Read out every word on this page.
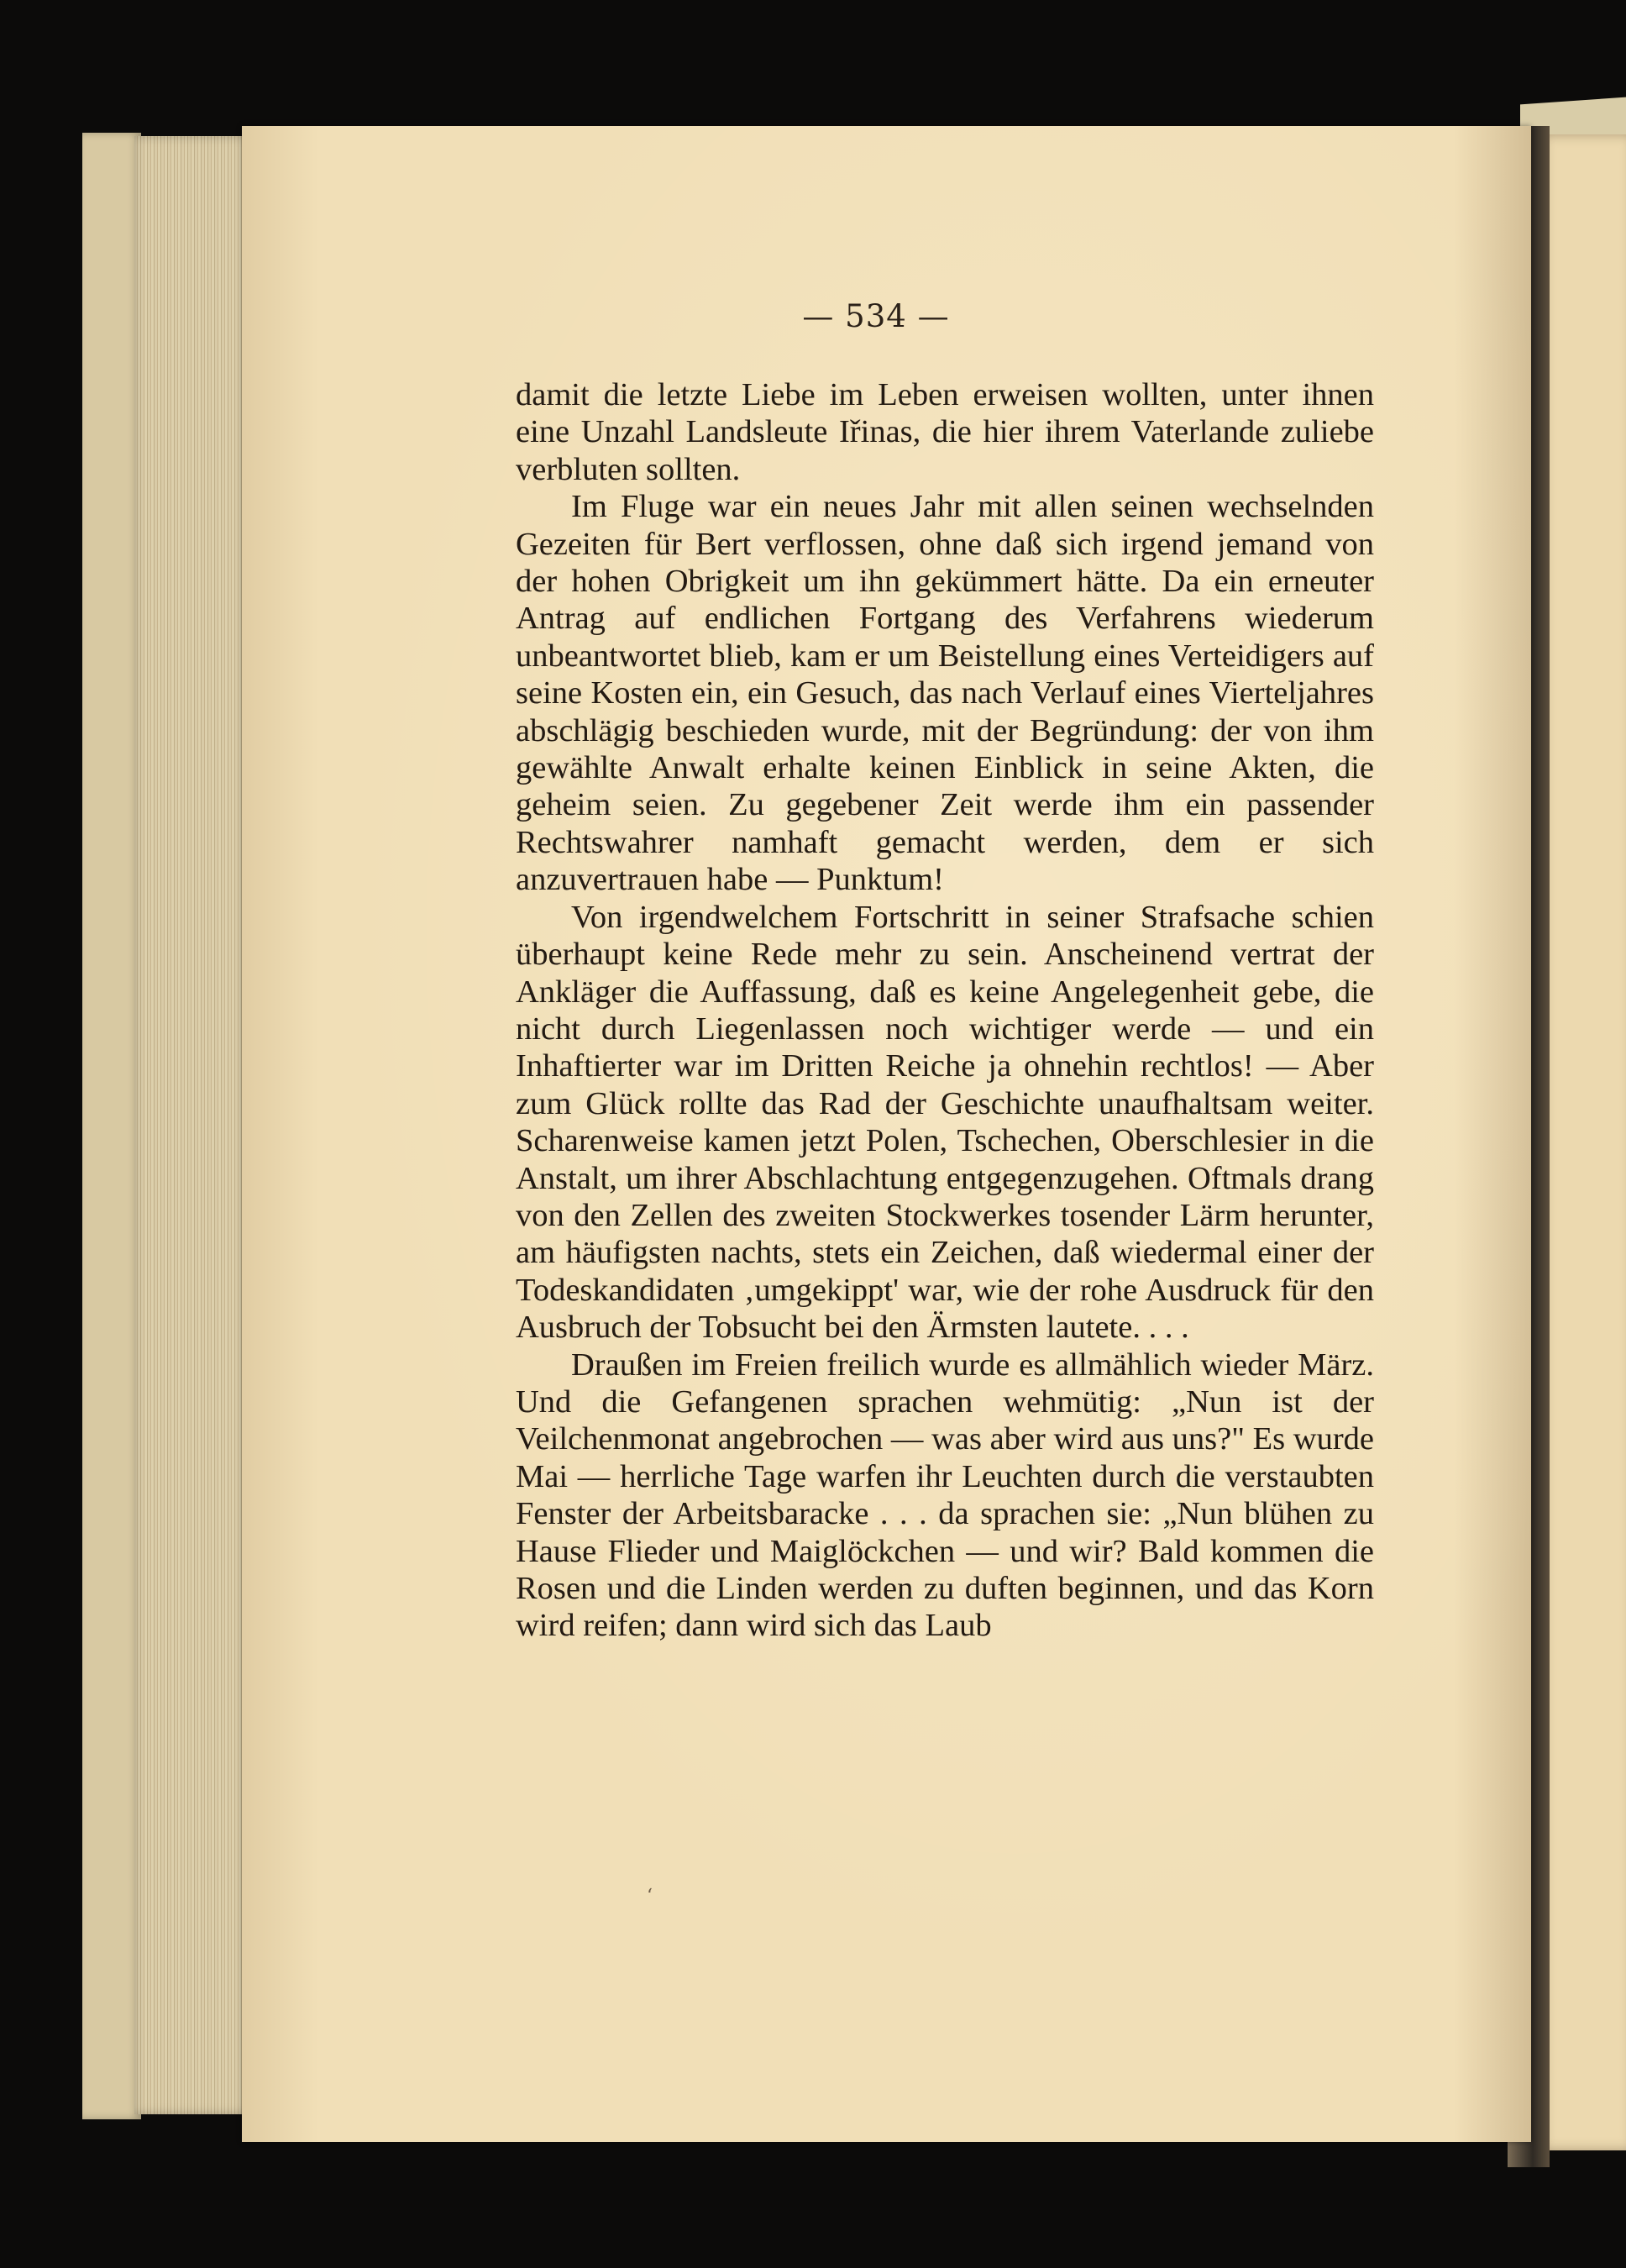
— 534 —

damit die letzte Liebe im Leben erweisen wollten, unter ihnen eine Unzahl Landsleute Iřinas, die hier ihrem Vaterlande zuliebe verbluten sollten.

Im Fluge war ein neues Jahr mit allen seinen wechselnden Gezeiten für Bert verflossen, ohne daß sich irgend jemand von der hohen Obrigkeit um ihn gekümmert hätte. Da ein erneuter Antrag auf endlichen Fortgang des Verfahrens wiederum unbeantwortet blieb, kam er um Beistellung eines Verteidigers auf seine Kosten ein, ein Gesuch, das nach Verlauf eines Vierteljahres abschlägig beschieden wurde, mit der Begründung: der von ihm gewählte Anwalt erhalte keinen Einblick in seine Akten, die geheim seien. Zu gegebener Zeit werde ihm ein passender Rechtswahrer namhaft gemacht werden, dem er sich anzuvertrauen habe — Punktum!

Von irgendwelchem Fortschritt in seiner Strafsache schien überhaupt keine Rede mehr zu sein. Anscheinend vertrat der Ankläger die Auffassung, daß es keine Angelegenheit gebe, die nicht durch Liegenlassen noch wichtiger werde — und ein Inhaftierter war im Dritten Reiche ja ohnehin rechtlos! — Aber zum Glück rollte das Rad der Geschichte unaufhaltsam weiter. Scharenweise kamen jetzt Polen, Tschechen, Oberschlesier in die Anstalt, um ihrer Abschlachtung entgegenzugehen. Oftmals drang von den Zellen des zweiten Stockwerkes tosender Lärm herunter, am häufigsten nachts, stets ein Zeichen, daß wiedermal einer der Todeskandidaten ‚umgekippt' war, wie der rohe Ausdruck für den Ausbruch der Tobsucht bei den Ärmsten lautete. . . .

Draußen im Freien freilich wurde es allmählich wieder März. Und die Gefangenen sprachen wehmütig: „Nun ist der Veilchenmonat angebrochen — was aber wird aus uns?" Es wurde Mai — herrliche Tage warfen ihr Leuchten durch die verstaubten Fenster der Arbeitsbaracke . . . da sprachen sie: „Nun blühen zu Hause Flieder und Maiglöckchen — und wir? Bald kommen die Rosen und die Linden werden zu duften beginnen, und das Korn wird reifen; dann wird sich das Laub

ʻ
